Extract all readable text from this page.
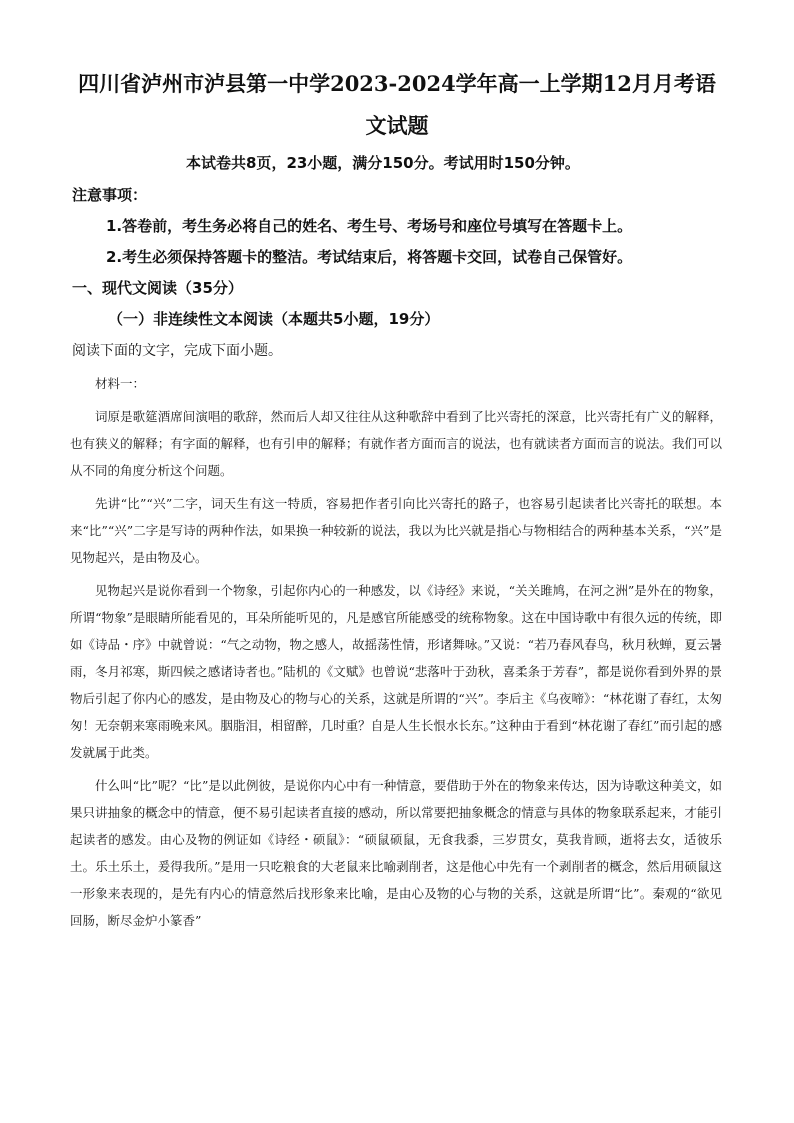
四川省泸州市泸县第一中学2023-2024学年高一上学期12月月考语
文试题
本试卷共8页，23小题，满分150分。考试用时150分钟。
注意事项：
1.答卷前，考生务必将自己的姓名、考生号、考场号和座位号填写在答题卡上。
2.考生必须保持答题卡的整洁。考试结束后，将答题卡交回，试卷自己保管好。
一、现代文阅读（35分）
（一）非连续性文本阅读（本题共5小题，19分）
阅读下面的文字，完成下面小题。

材料一：

词原是歌筵酒席间演唱的歌辞，然而后人却又往往从这种歌辞中看到了比兴寄托的深意，比兴寄托有广义的解释，也有狭义的解释；有字面的解释，也有引申的解释；有就作者方面而言的说法，也有就读者方面而言的说法。我们可以从不同的角度分析这个问题。

先讲“比”“兴”二字，词天生有这一特质，容易把作者引向比兴寄托的路子，也容易引起读者比兴寄托的联想。本来“比”“兴”二字是写诗的两种作法，如果换一种较新的说法，我以为比兴就是指心与物相结合的两种基本关系，“兴”是见物起兴，是由物及心。

见物起兴是说你看到一个物象，引起你内心的一种感发，以《诗经》来说，“关关雎鸠，在河之洲”是外在的物象，所谓“物象”是眼睛所能看见的，耳朵所能听见的，凡是感官所能感受的统称物象。这在中国诗歌中有很久远的传统，即如《诗品・序》中就曾说：“气之动物，物之感人，故摇荡性情，形诸舞咏。”又说：“若乃春风春鸟，秋月秋蝉，夏云暑雨，冬月祁寒，斯四候之感诸诗者也。”陆机的《文赋》也曾说“悲落叶于劲秋，喜柔条于芳春”，都是说你看到外界的景物后引起了你内心的感发，是由物及心的物与心的关系，这就是所谓的“兴”。李后主《乌夜啼》：“林花谢了春红，太匆匆！无奈朝来寒雨晚来风。胭脂泪，相留醉，几时重？自是人生长恨水长东。”这种由于看到“林花谢了春红”而引起的感发就属于此类。

什么叫“比”呢？“比”是以此例彼，是说你内心中有一种情意，要借助于外在的物象来传达，因为诗歌这种美文，如果只讲抽象的概念中的情意，便不易引起读者直接的感动，所以常要把抽象概念的情意与具体的物象联系起来，才能引起读者的感发。由心及物的例证如《诗经・硕鼠》：“硕鼠硕鼠，无食我黍，三岁贯女，莫我肯顾，逝将去女，适彼乐土。乐土乐土，爰得我所。”是用一只吃粮食的大老鼠来比喻剥削者，这是他心中先有一个剥削者的概念，然后用硕鼠这一形象来表现的，是先有内心的情意然后找形象来比喻，是由心及物的心与物的关系，这就是所谓“比”。秦观的“欲见回肠，断尽金炉小篆香”
